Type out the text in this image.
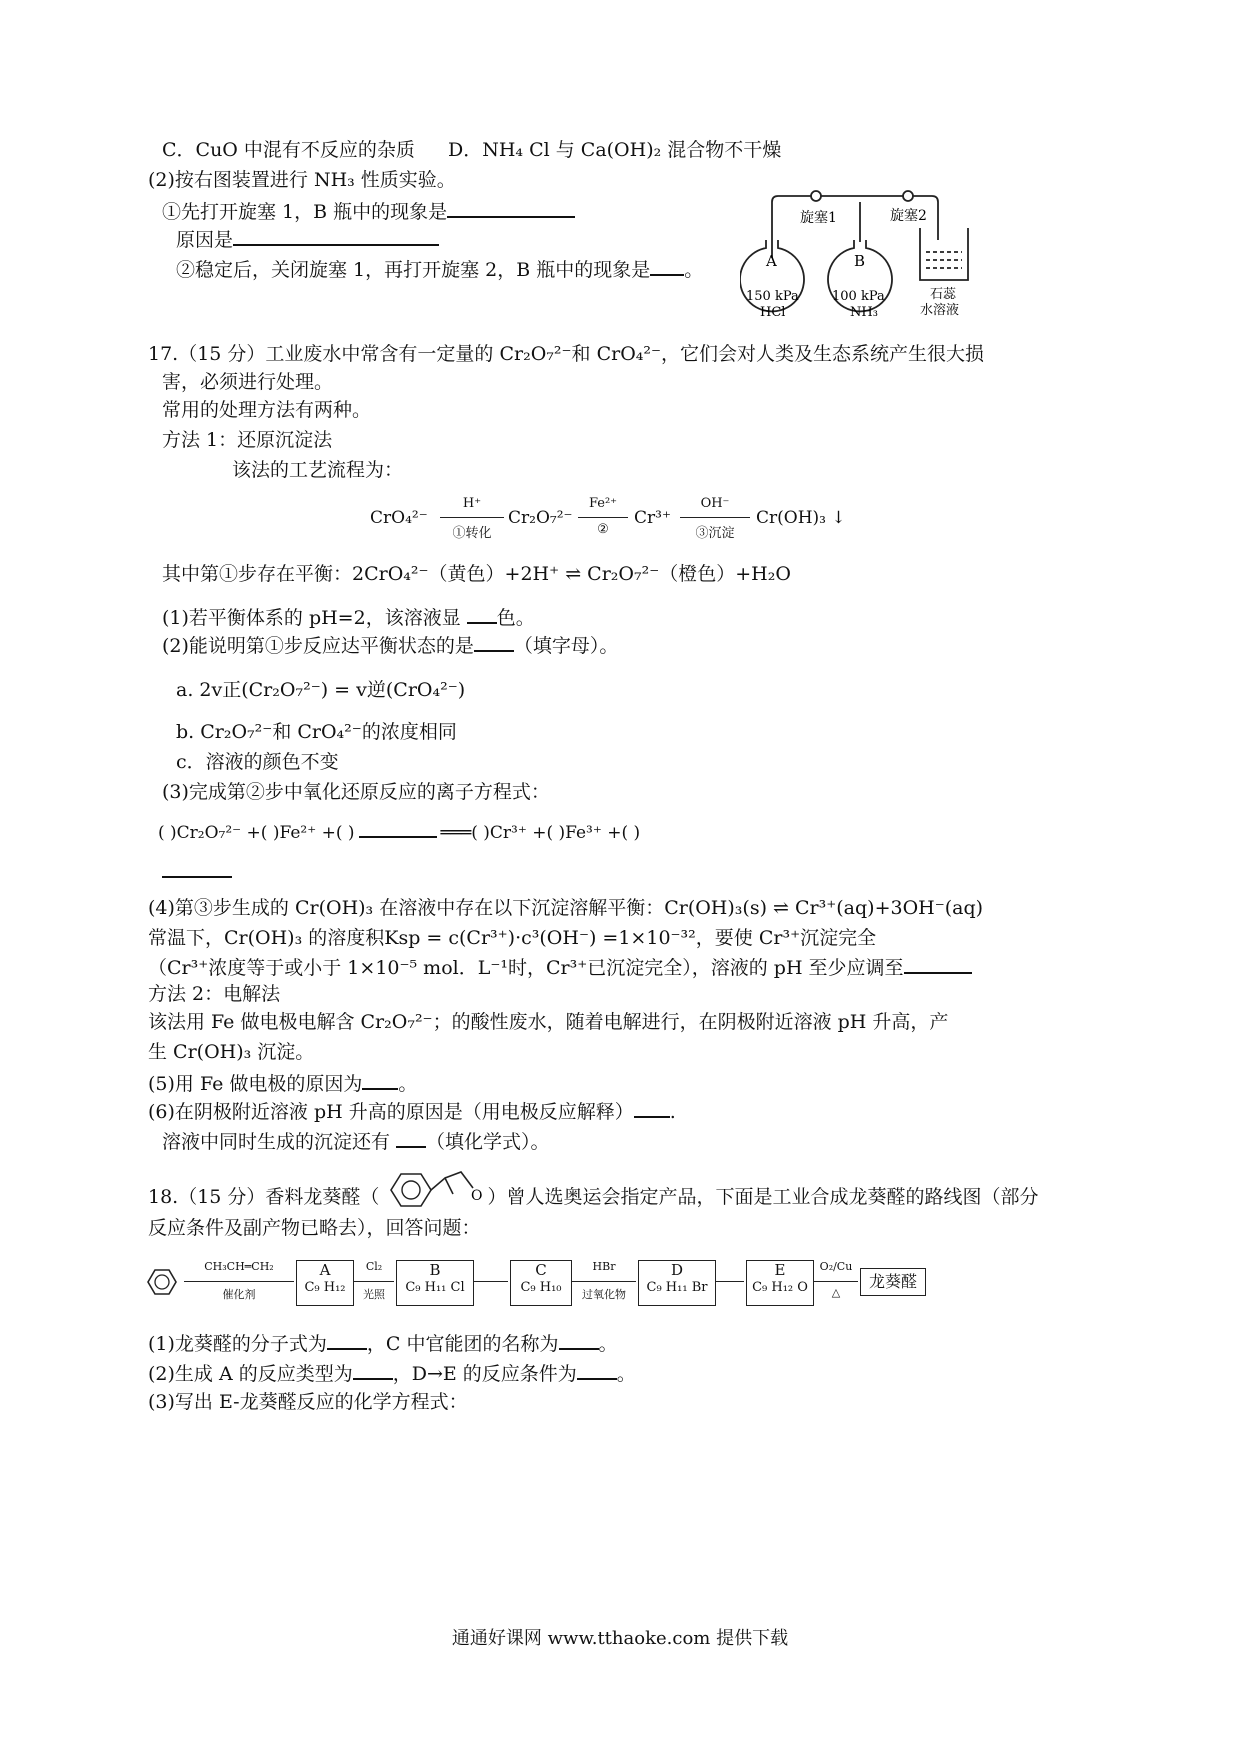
C．CuO 中混有不反应的杂质 D．NH₄ Cl 与 Ca(OH)₂ 混合物不干燥
(2)按右图装置进行 NH₃ 性质实验。
①先打开旋塞 1，B 瓶中的现象是
原因是
②稳定后，关闭旋塞 1，再打开旋塞 2，B 瓶中的现象是 。
旋塞1	旋塞2
A	B
150 kPa
HCl
100 kPa
NH₃
石蕊
水溶液
17.（15 分）工业废水中常含有一定量的 Cr₂O₇²⁻和 CrO₄²⁻，它们会对人类及生态系统产生很大损
害，必须进行处理。
常用的处理方法有两种。
方法 1：还原沉淀法
该法的工艺流程为：
CrO₄²⁻
H⁺
①转化
Cr₂O₇²⁻
Fe²⁺
②
Cr³⁺
OH⁻
③沉淀
Cr(OH)₃ ↓
其中第①步存在平衡：2CrO₄²⁻（黄色）+2H⁺ ⇌ Cr₂O₇²⁻（橙色）+H₂O
(1)若平衡体系的 pH=2，该溶液显 色。
(2)能说明第①步反应达平衡状态的是 （填字母）。
a. 2v正(Cr₂O₇²⁻) = v逆(CrO₄²⁻)
b. Cr₂O₇²⁻和 CrO₄²⁻的浓度相同
c．溶液的颜色不变
(3)完成第②步中氧化还原反应的离子方程式：
( )Cr₂O₇²⁻ +( )Fe²⁺ +( )	═══( )Cr³⁺ +( )Fe³⁺ +( )
(4)第③步生成的 Cr(OH)₃ 在溶液中存在以下沉淀溶解平衡：Cr(OH)₃(s) ⇌ Cr³⁺(aq)+3OH⁻(aq)
常温下，Cr(OH)₃ 的溶度积Ksp = c(Cr³⁺)·c³(OH⁻) =1×10⁻³²，要使 Cr³⁺沉淀完全
（Cr³⁺浓度等于或小于 1×10⁻⁵ mol．L⁻¹时，Cr³⁺已沉淀完全），溶液的 pH 至少应调至
方法 2：电解法
该法用 Fe 做电极电解含 Cr₂O₇²⁻；的酸性废水，随着电解进行，在阴极附近溶液 pH 升高，产
生 Cr(OH)₃ 沉淀。
(5)用 Fe 做电极的原因为 。
(6)在阴极附近溶液 pH 升高的原因是（用电极反应解释） .
溶液中同时生成的沉淀还有 （填化学式）。
18.（15 分）香料龙葵醛（	O ）曾人选奥运会指定产品，下面是工业合成龙葵醛的路线图（部分
反应条件及副产物已略去），回答问题：
CH₃CH═CH₂
催化剂
A
C₉ H₁₂
Cl₂
光照
B
C₉ H₁₁ Cl
C
C₉ H₁₀
HBr
过氧化物
D
C₉ H₁₁ Br
E
C₉ H₁₂ O
O₂/Cu
△
龙葵醛
(1)龙葵醛的分子式为 ，C 中官能团的名称为 。
(2)生成 A 的反应类型为 ，D→E 的反应条件为 。
(3)写出 E-龙葵醛反应的化学方程式：
通通好课网 www.tthaoke.com 提供下载
